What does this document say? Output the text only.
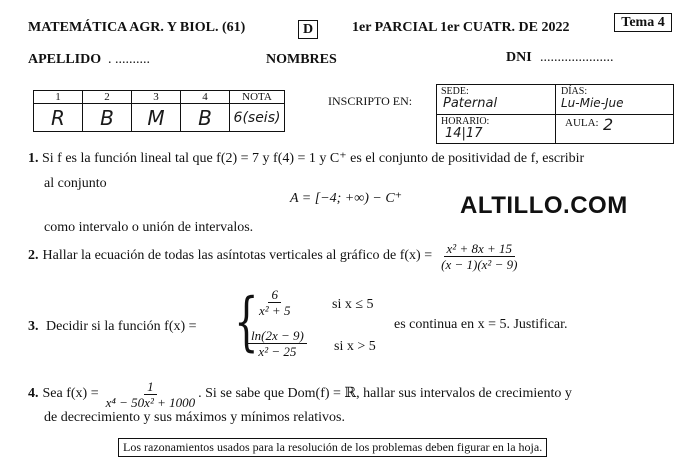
MATEMÁTICA AGR. Y BIOL. (61)	D	1er PARCIAL 1er CUATR. DE 2022	Tema 4
APELLIDO . ..........	NOMBRES	DNI .....................
1	2	3	4	NOTA
R	B	M	B	6(seis)
INSCRIPTO EN:
SEDE:
Paternal
DÍAS:
Lu-Mie-Jue
HORARIO:
14|17
AULA: 2
1. Si f es la función lineal tal que f(2) = 7 y f(4) = 1 y C⁺ es el conjunto de positividad de f, escribir
al conjunto
A = [−4; +∞) − C⁺
como intervalo o unión de intervalos.
ALTILLO.COM
2. Hallar la ecuación de todas las asíntotas verticales al gráfico de $f(x) = \frac{\text{x² + 8x + 15}}{\text{(x − 1)(x² − 9)}}$
3. Decidir si la función f(x) = {
$\frac{6}{\text{x² + 5}}$	si x ≤ 5
$\frac{\ln(2x - 9)}{\text{x² − 25}}$ si x > 5
es continua en x = 5. Justificar.
4. Sea $f(x) = \frac{1}{\text{x⁴ − 50x² + 1000}}$ . Si se sabe que Dom(f) = ℝ, hallar sus intervalos de crecimiento y
de decrecimiento y sus máximos y mínimos relativos.
Los razonamientos usados para la resolución de los problemas deben figurar en la hoja.
